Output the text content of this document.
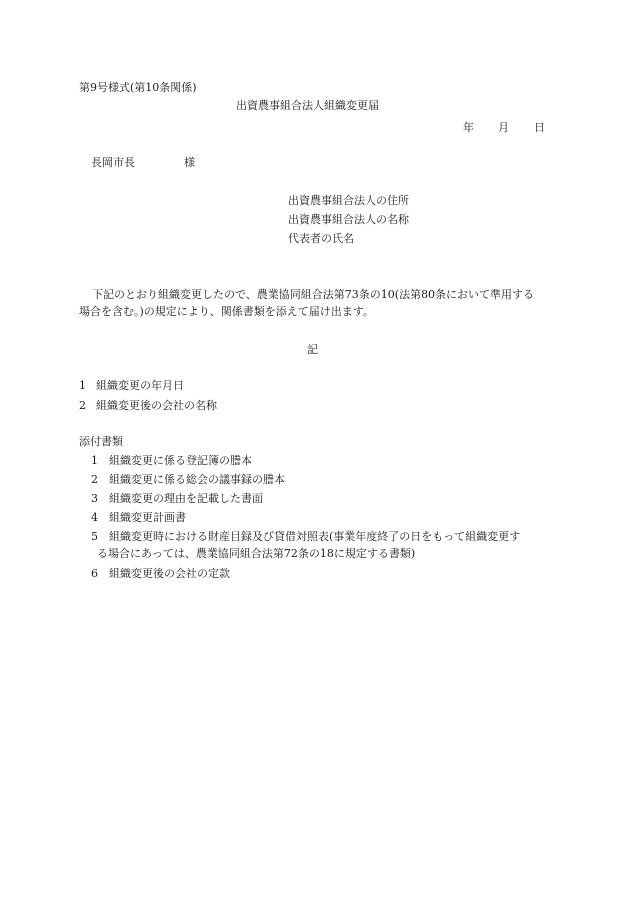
第9号様式(第10条関係)
出資農事組合法人組織変更届
年 月 日
長岡市長	様
出資農事組合法人の住所
出資農事組合法人の名称
代表者の氏名
下記のとおり組織変更したので、農業協同組合法第73条の10(法第80条において準用する
場合を含む。)の規定により、関係書類を添えて届け出ます。
記
1 組織変更の年月日
2 組織変更後の会社の名称
添付書類
1 組織変更に係る登記簿の謄本
2 組織変更に係る総会の議事録の謄本
3 組織変更の理由を記載した書面
4 組織変更計画書
5 組織変更時における財産目録及び貸借対照表(事業年度終了の日をもって組織変更す
る場合にあっては、農業協同組合法第72条の18に規定する書類)
6 組織変更後の会社の定款
